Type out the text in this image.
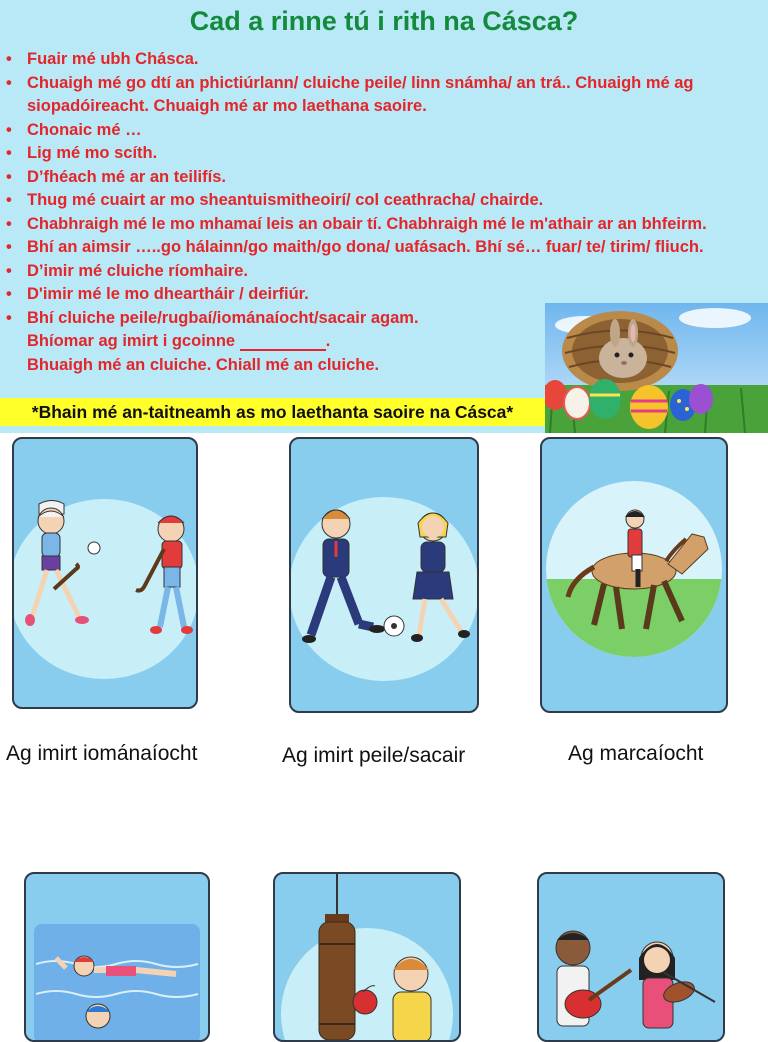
Cad a rinne tú i rith na Cásca?
• Fuair mé ubh Chásca.
• Chuaigh mé go dtí an phictiúrlann/ cluiche peile/ linn snámha/ an trá.. Chuaigh mé ag siopadóireacht. Chuaigh mé ar mo laethana saoire.
• Chonaic mé …
• Lig mé mo scíth.
• D’fhéach mé ar an teilifís.
• Thug mé cuairt ar mo sheantuismitheoirí/ col ceathracha/ chairde.
• Chabhraigh mé le mo mhamaí leis an obair tí. Chabhraigh mé le m'athair ar an bhfeirm.
• Bhí an aimsir …..go hálainn/go maith/go dona/ uafásach. Bhí sé… fuar/ te/ tirim/ fliuch.
• D’imir mé cluiche ríomhaire.
• D'imir mé le mo dheartháir / deirfiúr.
• Bhí cluiche peile/rugbaí/iománaíocht/sacair agam.
Bhíomar ag imirt i gcoinne	.
Bhuaigh mé an cluiche. Chiall mé an cluiche.
*Bhain mé an-taitneamh as mo laethanta saoire na Cásca*
Ag imirt iománaíocht	Ag imirt peile/sacair	Ag marcaíocht
